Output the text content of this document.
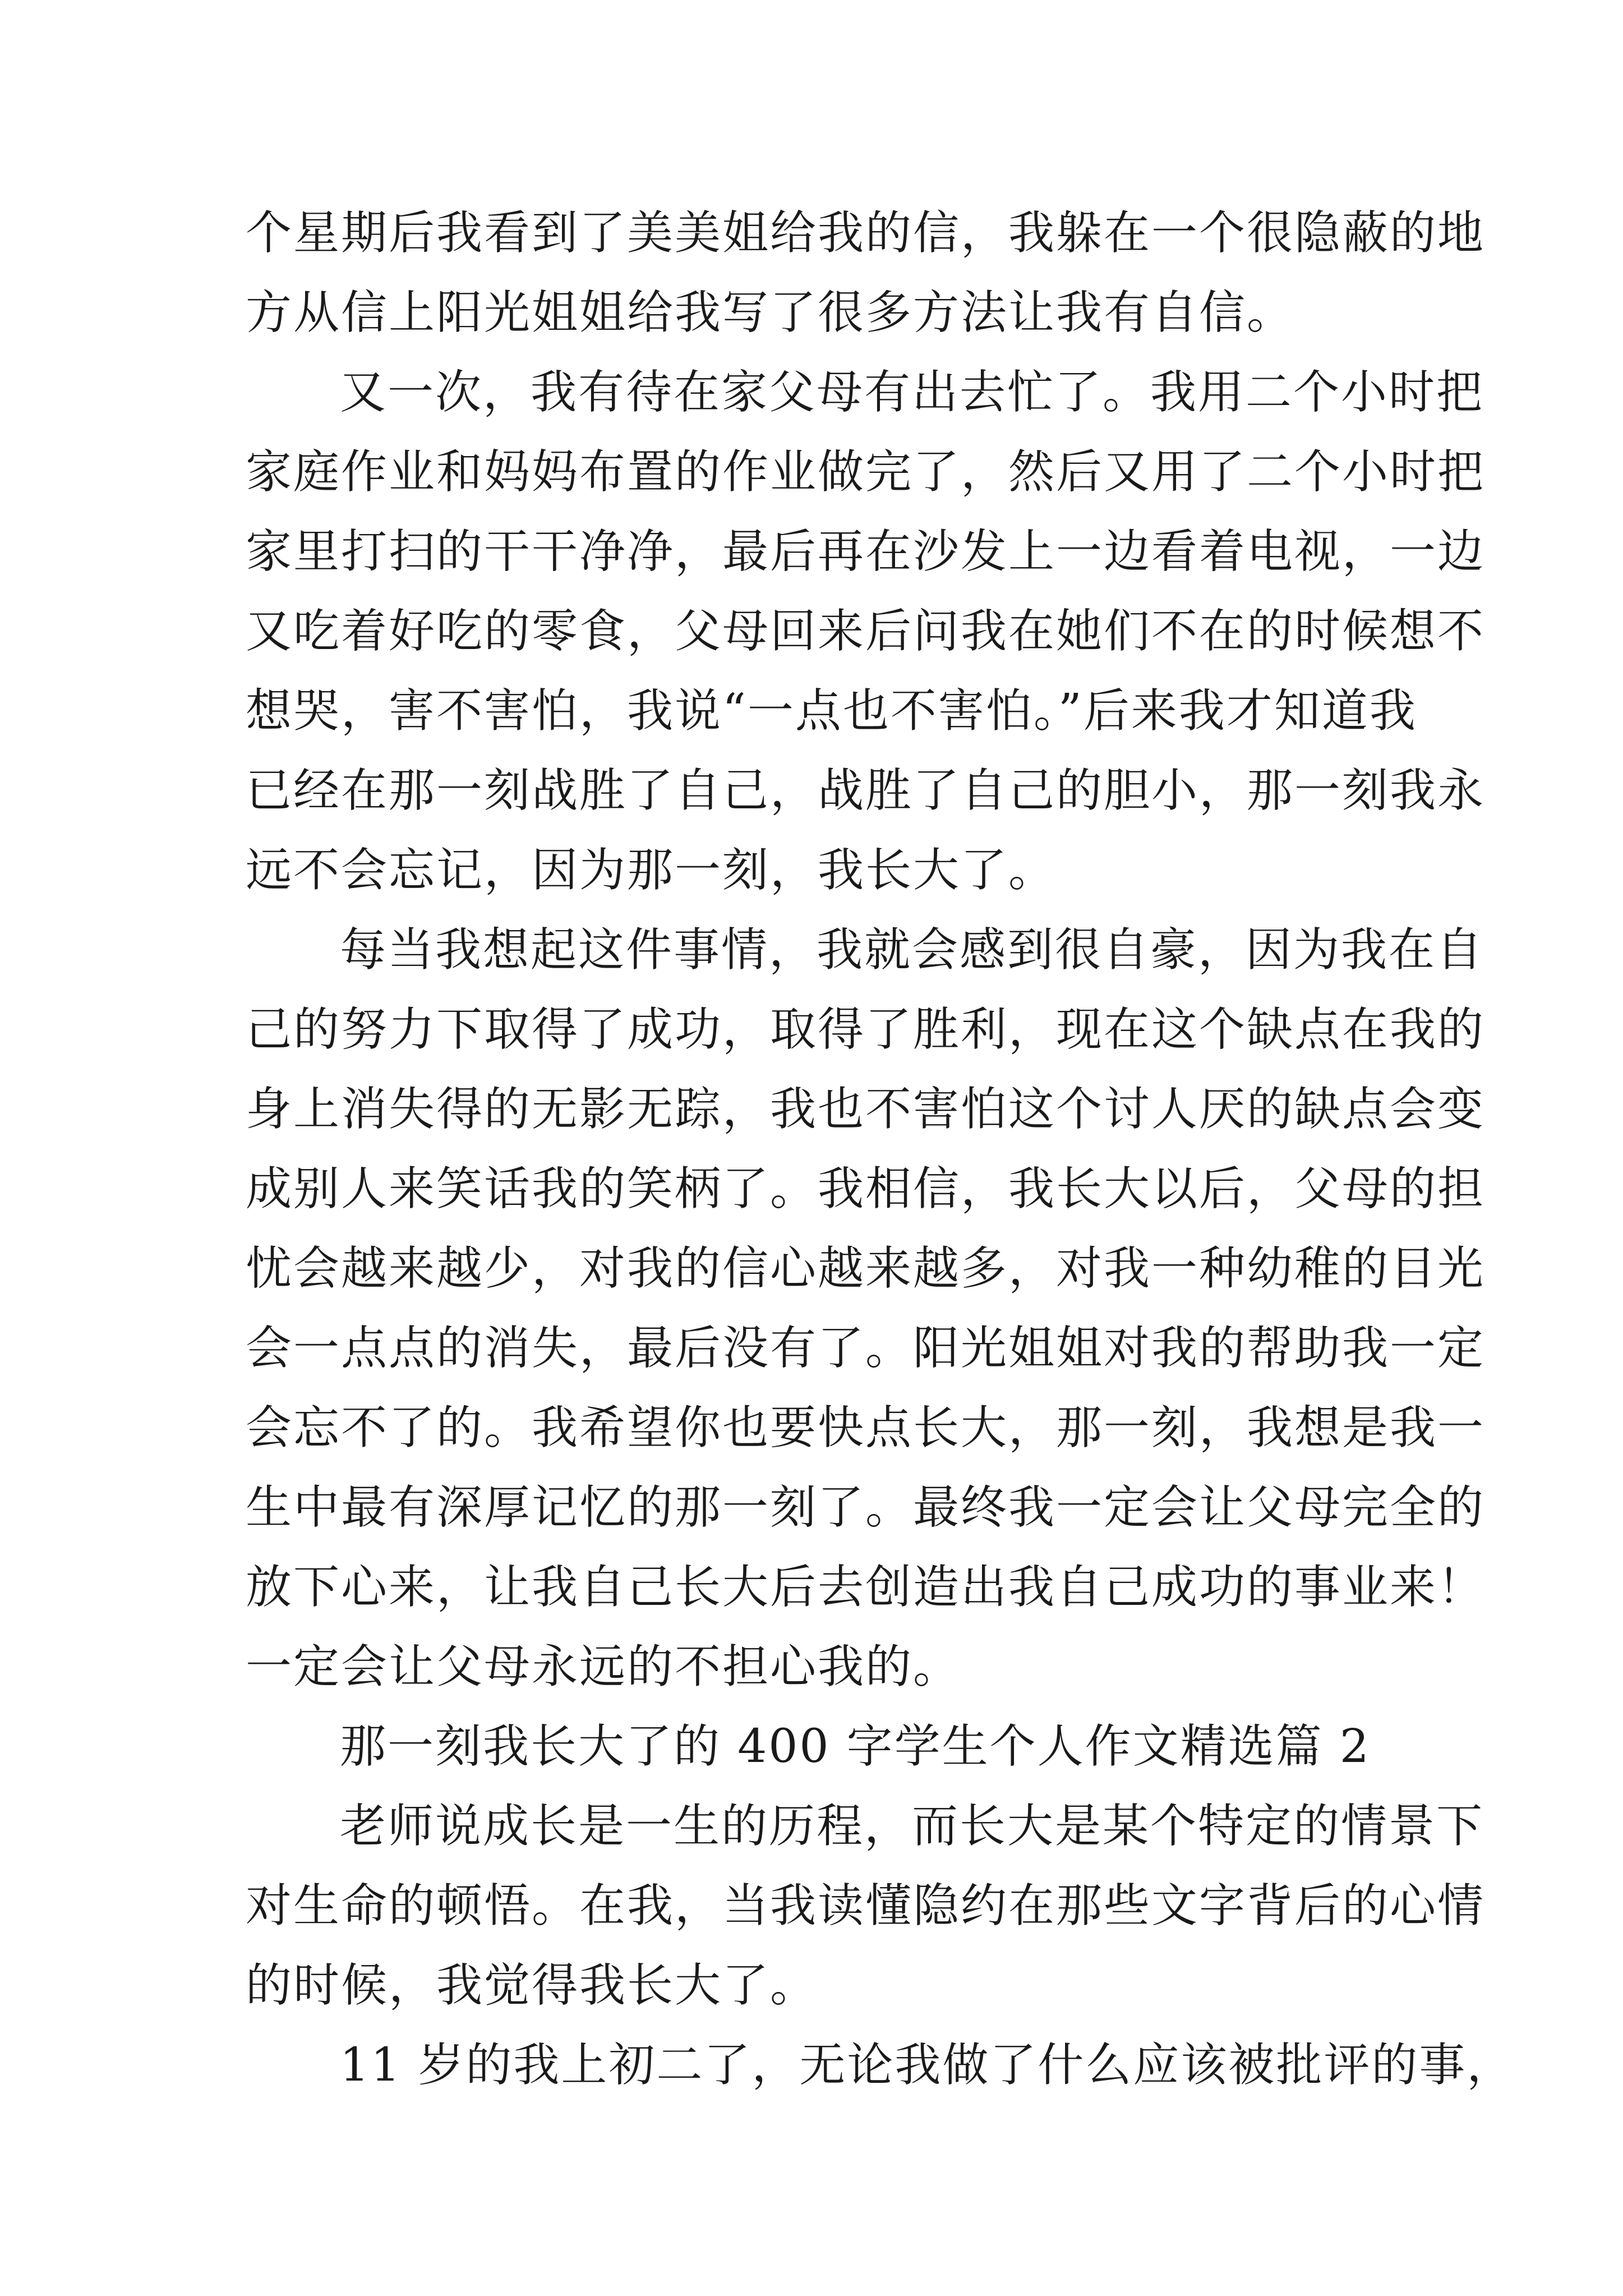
个星期后我看到了美美姐给我的信，我躲在一个很隐蔽的地
方从信上阳光姐姐给我写了很多方法让我有自信。
又一次，我有待在家父母有出去忙了。我用二个小时把
家庭作业和妈妈布置的作业做完了，然后又用了二个小时把
家里打扫的干干净净，最后再在沙发上一边看着电视，一边
又吃着好吃的零食，父母回来后问我在她们不在的时候想不
想哭，害不害怕，我说“一点也不害怕。”后来我才知道我
已经在那一刻战胜了自己，战胜了自己的胆小，那一刻我永
远不会忘记，因为那一刻，我长大了。
每当我想起这件事情，我就会感到很自豪，因为我在自
己的努力下取得了成功，取得了胜利，现在这个缺点在我的
身上消失得的无影无踪，我也不害怕这个讨人厌的缺点会变
成别人来笑话我的笑柄了。我相信，我长大以后，父母的担
忧会越来越少，对我的信心越来越多，对我一种幼稚的目光
会一点点的消失，最后没有了。阳光姐姐对我的帮助我一定
会忘不了的。我希望你也要快点长大，那一刻，我想是我一
生中最有深厚记忆的那一刻了。最终我一定会让父母完全的
放下心来，让我自己长大后去创造出我自己成功的事业来！
一定会让父母永远的不担心我的。
那一刻我长大了的 400 字学生个人作文精选篇 2
老师说成长是一生的历程，而长大是某个特定的情景下
对生命的顿悟。在我，当我读懂隐约在那些文字背后的心情
的时候，我觉得我长大了。
11 岁的我上初二了，无论我做了什么应该被批评的事，
